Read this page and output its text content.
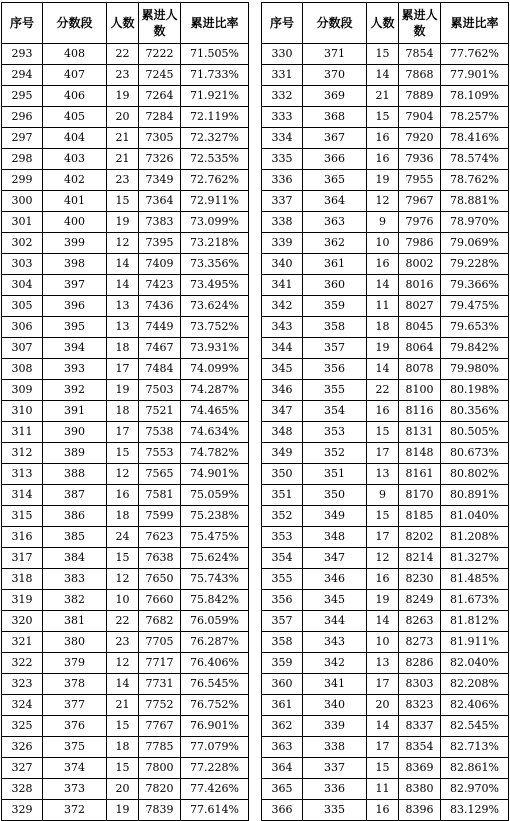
序号	分数段	人数	累进人数	累进比率
293	408	22	7222	71.505%
294	407	23	7245	71.733%
295	406	19	7264	71.921%
296	405	20	7284	72.119%
297	404	21	7305	72.327%
298	403	21	7326	72.535%
299	402	23	7349	72.762%
300	401	15	7364	72.911%
301	400	19	7383	73.099%
302	399	12	7395	73.218%
303	398	14	7409	73.356%
304	397	14	7423	73.495%
305	396	13	7436	73.624%
306	395	13	7449	73.752%
307	394	18	7467	73.931%
308	393	17	7484	74.099%
309	392	19	7503	74.287%
310	391	18	7521	74.465%
311	390	17	7538	74.634%
312	389	15	7553	74.782%
313	388	12	7565	74.901%
314	387	16	7581	75.059%
315	386	18	7599	75.238%
316	385	24	7623	75.475%
317	384	15	7638	75.624%
318	383	12	7650	75.743%
319	382	10	7660	75.842%
320	381	22	7682	76.059%
321	380	23	7705	76.287%
322	379	12	7717	76.406%
323	378	14	7731	76.545%
324	377	21	7752	76.752%
325	376	15	7767	76.901%
326	375	18	7785	77.079%
327	374	15	7800	77.228%
328	373	20	7820	77.426%
329	372	19	7839	77.614%
序号	分数段	人数	累进人数	累进比率
330	371	15	7854	77.762%
331	370	14	7868	77.901%
332	369	21	7889	78.109%
333	368	15	7904	78.257%
334	367	16	7920	78.416%
335	366	16	7936	78.574%
336	365	19	7955	78.762%
337	364	12	7967	78.881%
338	363	9	7976	78.970%
339	362	10	7986	79.069%
340	361	16	8002	79.228%
341	360	14	8016	79.366%
342	359	11	8027	79.475%
343	358	18	8045	79.653%
344	357	19	8064	79.842%
345	356	14	8078	79.980%
346	355	22	8100	80.198%
347	354	16	8116	80.356%
348	353	15	8131	80.505%
349	352	17	8148	80.673%
350	351	13	8161	80.802%
351	350	9	8170	80.891%
352	349	15	8185	81.040%
353	348	17	8202	81.208%
354	347	12	8214	81.327%
355	346	16	8230	81.485%
356	345	19	8249	81.673%
357	344	14	8263	81.812%
358	343	10	8273	81.911%
359	342	13	8286	82.040%
360	341	17	8303	82.208%
361	340	20	8323	82.406%
362	339	14	8337	82.545%
363	338	17	8354	82.713%
364	337	15	8369	82.861%
365	336	11	8380	82.970%
366	335	16	8396	83.129%
